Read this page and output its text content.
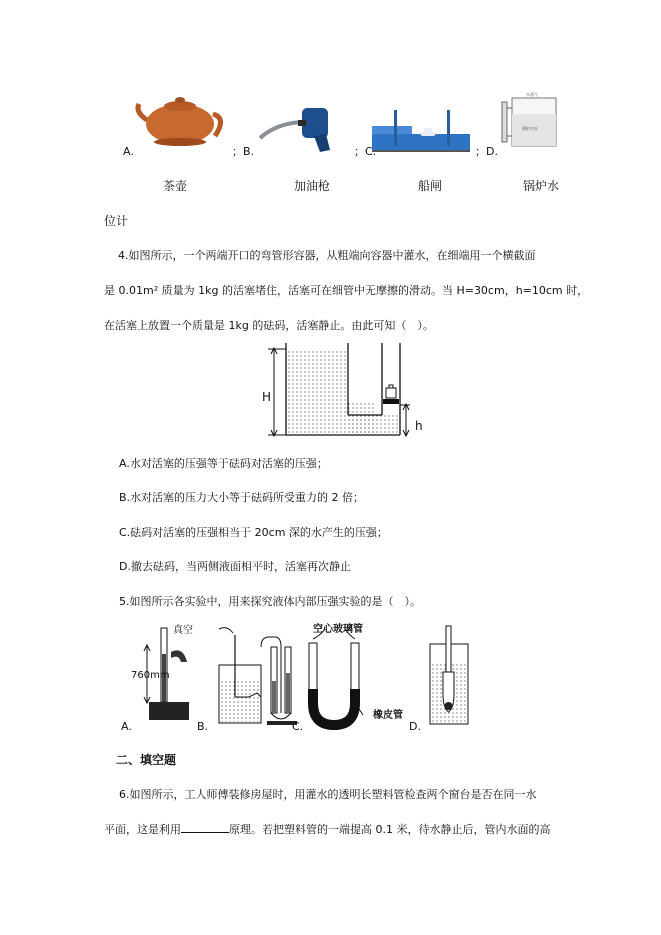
锅炉内水
水蒸气
A.	；B.	；C.	；D.
茶壶	加油枪	船闸	锅炉水
位计
4.如图所示，一个两端开口的弯管形容器，从粗端向容器中灌水，在细端用一个横截面
是 0.01m² 质量为 1kg 的活塞堵住，活塞可在细管中无摩擦的滑动。当 H=30cm，h=10cm 时，
在活塞上放置一个质量是 1kg 的砝码，活塞静止。由此可知（　）。
H
h
A.水对活塞的压强等于砝码对活塞的压强；
B.水对活塞的压力大小等于砝码所受重力的 2 倍；
C.砝码对活塞的压强相当于 20cm 深的水产生的压强；
D.撤去砝码，当两侧液面相平时，活塞再次静止
5.如图所示各实验中，用来探究液体内部压强实验的是（　）。
真空
760mm
A.	B.
空心玻璃管
橡皮管
C.	D.
二、填空题
6.如图所示，工人师傅装修房屋时，用灌水的透明长塑料管检查两个窗台是否在同一水
平面，这是利用	原理。若把塑料管的一端提高 0.1 米，待水静止后，管内水面的高
